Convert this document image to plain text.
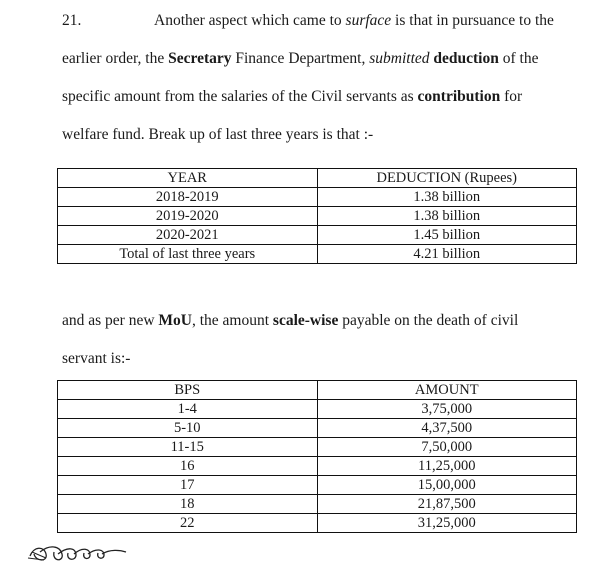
21.	Another aspect which came to surface is that in pursuance to the
earlier order, the Secretary Finance Department, submitted deduction of the
specific amount from the salaries of the Civil servants as contribution for
welfare fund. Break up of last three years is that :-

YEAR	DEDUCTION (Rupees)
2018-2019	1.38 billion
2019-2020	1.38 billion
2020-2021	1.45 billion
Total of last three years	4.21 billion

and as per new MoU, the amount scale-wise payable on the death of civil
servant is:-

BPS	AMOUNT
1-4	3,75,000
5-10	4,37,500
11-15	7,50,000
16	11,25,000
17	15,00,000
18	21,87,500
22	31,25,000
